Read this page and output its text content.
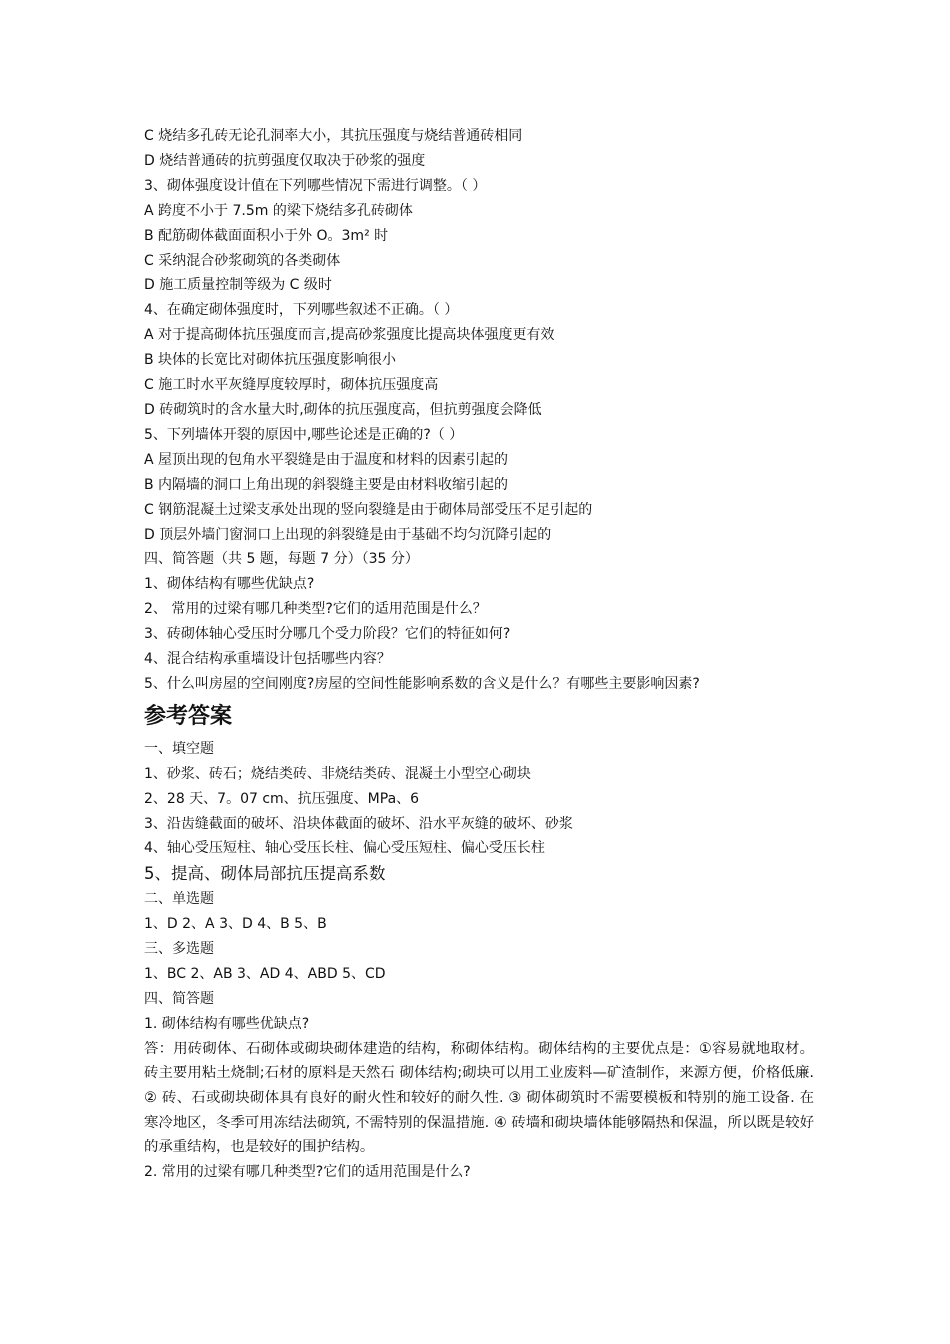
C 烧结多孔砖无论孔洞率大小，其抗压强度与烧结普通砖相同
D 烧结普通砖的抗剪强度仅取决于砂浆的强度
3、砌体强度设计值在下列哪些情况下需进行调整。（ ）
A 跨度不小于 7.5m 的梁下烧结多孔砖砌体
B 配筋砌体截面面积小于外 O。3m² 时
C 采纳混合砂浆砌筑的各类砌体
D 施工质量控制等级为 C 级时
4、在确定砌体强度时，下列哪些叙述不正确。（ ）
A 对于提高砌体抗压强度而言,提高砂浆强度比提高块体强度更有效
B 块体的长宽比对砌体抗压强度影响很小
C 施工时水平灰缝厚度较厚时，砌体抗压强度高
D 砖砌筑时的含水量大时,砌体的抗压强度高，但抗剪强度会降低
5、下列墙体开裂的原因中,哪些论述是正确的?（ ）
A 屋顶出现的包角水平裂缝是由于温度和材料的因素引起的
B 内隔墙的洞口上角出现的斜裂缝主要是由材料收缩引起的
C 钢筋混凝土过梁支承处出现的竖向裂缝是由于砌体局部受压不足引起的
D 顶层外墙门窗洞口上出现的斜裂缝是由于基础不均匀沉降引起的
四、简答题（共 5 题，每题 7 分）（35 分）
1、砌体结构有哪些优缺点?
2、 常用的过梁有哪几种类型?它们的适用范围是什么？
3、砖砌体轴心受压时分哪几个受力阶段？它们的特征如何?
4、混合结构承重墙设计包括哪些内容？
5、什么叫房屋的空间刚度?房屋的空间性能影响系数的含义是什么？有哪些主要影响因素?
参考答案
一、填空题
1、砂浆、砖石；烧结类砖、非烧结类砖、混凝土小型空心砌块
2、28 天、7。07 cm、抗压强度、MPa、6
3、沿齿缝截面的破坏、沿块体截面的破坏、沿水平灰缝的破坏、砂浆
4、轴心受压短柱、轴心受压长柱、偏心受压短柱、偏心受压长柱
5、提高、砌体局部抗压提高系数
二、单选题
1、D 2、A 3、D 4、B 5、B
三、多选题
1、BC 2、AB 3、AD 4、ABD 5、CD
四、简答题
1. 砌体结构有哪些优缺点?
答：用砖砌体、石砌体或砌块砌体建造的结构，称砌体结构。砌体结构的主要优点是：①容易就地取材。砖主要用粘土烧制;石材的原料是天然石 砌体结构;砌块可以用工业废料—矿渣制作，来源方便，价格低廉. ② 砖、石或砌块砌体具有良好的耐火性和较好的耐久性. ③ 砌体砌筑时不需要模板和特别的施工设备. 在寒冷地区，冬季可用冻结法砌筑, 不需特别的保温措施. ④ 砖墙和砌块墙体能够隔热和保温，所以既是较好的承重结构，也是较好的围护结构。
2. 常用的过梁有哪几种类型?它们的适用范围是什么?
